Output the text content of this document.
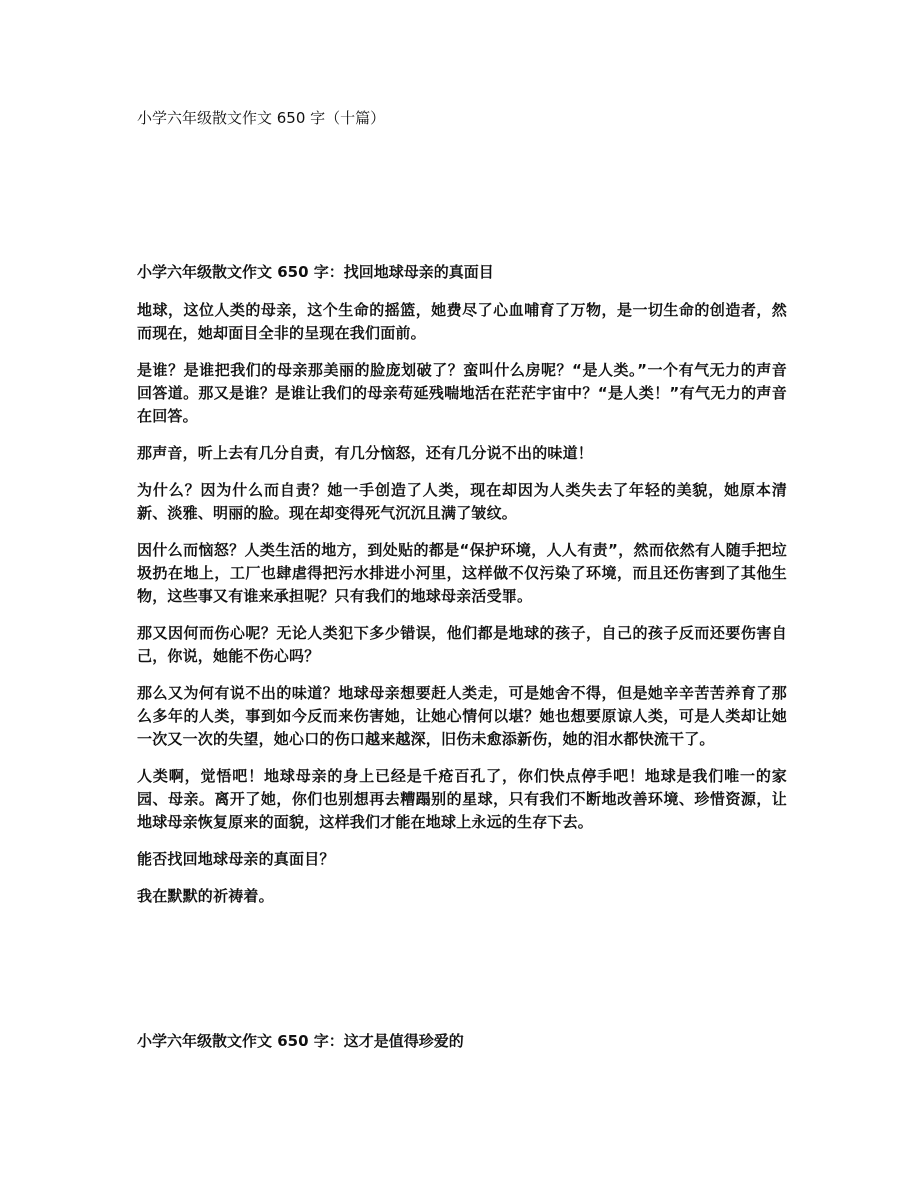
小学六年级散文作文 650 字（十篇）
小学六年级散文作文 650 字：找回地球母亲的真面目

地球，这位人类的母亲，这个生命的摇篮，她费尽了心血哺育了万物，是一切生命的创造者，然而现在，她却面目全非的呈现在我们面前。

是谁？是谁把我们的母亲那美丽的脸庞划破了？蛮叫什么房呢？“是人类。”一个有气无力的声音回答道。那又是谁？是谁让我们的母亲苟延残喘地活在茫茫宇宙中？“是人类！”有气无力的声音在回答。

那声音，听上去有几分自责，有几分恼怒，还有几分说不出的味道！

为什么？因为什么而自责？她一手创造了人类，现在却因为人类失去了年轻的美貌，她原本清新、淡雅、明丽的脸。现在却变得死气沉沉且满了皱纹。

因什么而恼怒？人类生活的地方，到处贴的都是“保护环境，人人有责”，然而依然有人随手把垃圾扔在地上，工厂也肆虐得把污水排进小河里，这样做不仅污染了环境，而且还伤害到了其他生物，这些事又有谁来承担呢？只有我们的地球母亲活受罪。

那又因何而伤心呢？无论人类犯下多少错误，他们都是地球的孩子，自己的孩子反而还要伤害自己，你说，她能不伤心吗？

那么又为何有说不出的味道？地球母亲想要赶人类走，可是她舍不得，但是她辛辛苦苦养育了那么多年的人类，事到如今反而来伤害她，让她心情何以堪？她也想要原谅人类，可是人类却让她一次又一次的失望，她心口的伤口越来越深，旧伤未愈添新伤，她的泪水都快流干了。

人类啊，觉悟吧！地球母亲的身上已经是千疮百孔了，你们快点停手吧！地球是我们唯一的家园、母亲。离开了她，你们也别想再去糟蹋别的星球，只有我们不断地改善环境、珍惜资源，让地球母亲恢复原来的面貌，这样我们才能在地球上永远的生存下去。

能否找回地球母亲的真面目？

我在默默的祈祷着。

小学六年级散文作文 650 字：这才是值得珍爱的
